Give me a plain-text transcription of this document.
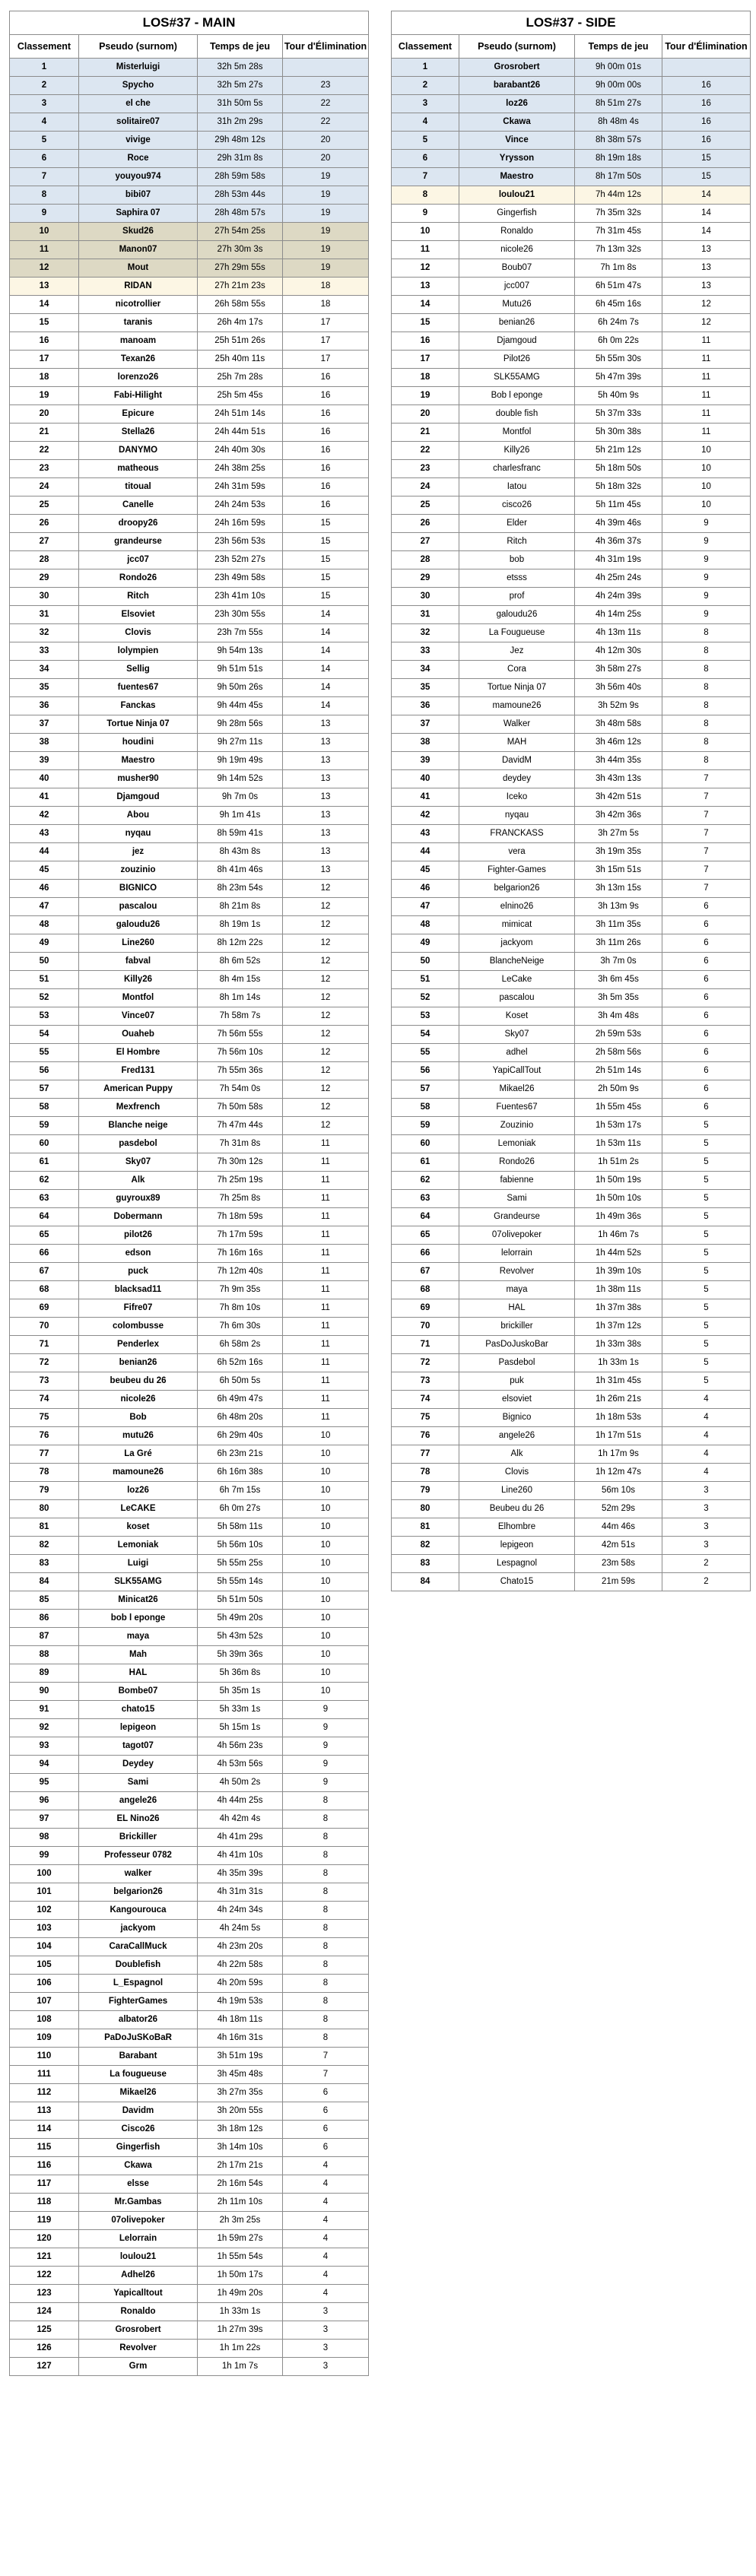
LOS#37 - MAIN			
Classement	Pseudo (surnom)	Temps de jeu	Tour d'Élimination
1	Misterluigi	32h 5m 28s	
2	Spycho	32h 5m 27s	23
3	el che	31h 50m 5s	22
4	solitaire07	31h 2m 29s	22
5	vivige	29h 48m 12s	20
6	Roce	29h 31m 8s	20
7	youyou974	28h 59m 58s	19
8	bibi07	28h 53m 44s	19
9	Saphira 07	28h 48m 57s	19
10	Skud26	27h 54m 25s	19
11	Manon07	27h 30m 3s	19
12	Mout	27h 29m 55s	19
13	RIDAN	27h 21m 23s	18
14	nicotrollier	26h 58m 55s	18
15	taranis	26h 4m 17s	17
16	manoam	25h 51m 26s	17
17	Texan26	25h 40m 11s	17
18	lorenzo26	25h 7m 28s	16
19	Fabi-Hilight	25h 5m 45s	16
20	Epicure	24h 51m 14s	16
21	Stella26	24h 44m 51s	16
22	DANYMO	24h 40m 30s	16
23	matheous	24h 38m 25s	16
24	titoual	24h 31m 59s	16
25	Canelle	24h 24m 53s	16
26	droopy26	24h 16m 59s	15
27	grandeurse	23h 56m 53s	15
28	jcc07	23h 52m 27s	15
29	Rondo26	23h 49m 58s	15
30	Ritch	23h 41m 10s	15
31	Elsoviet	23h 30m 55s	14
32	Clovis	23h 7m 55s	14
33	lolympien	9h 54m 13s	14
34	Sellig	9h 51m 51s	14
35	fuentes67	9h 50m 26s	14
36	Fanckas	9h 44m 45s	14
37	Tortue Ninja 07	9h 28m 56s	13
38	houdini	9h 27m 11s	13
39	Maestro	9h 19m 49s	13
40	musher90	9h 14m 52s	13
41	Djamgoud	9h 7m 0s	13
42	Abou	9h 1m 41s	13
43	nyqau	8h 59m 41s	13
44	jez	8h 43m 8s	13
45	zouzinio	8h 41m 46s	13
46	BIGNICO	8h 23m 54s	12
47	pascalou	8h 21m 8s	12
48	galoudu26	8h 19m 1s	12
49	Line260	8h 12m 22s	12
50	fabval	8h 6m 52s	12
51	Killy26	8h 4m 15s	12
52	Montfol	8h 1m 14s	12
53	Vince07	7h 58m 7s	12
54	Ouaheb	7h 56m 55s	12
55	El Hombre	7h 56m 10s	12
56	Fred131	7h 55m 36s	12
57	American Puppy	7h 54m 0s	12
58	Mexfrench	7h 50m 58s	12
59	Blanche neige	7h 47m 44s	12
60	pasdebol	7h 31m 8s	11
61	Sky07	7h 30m 12s	11
62	Alk	7h 25m 19s	11
63	guyroux89	7h 25m 8s	11
64	Dobermann	7h 18m 59s	11
65	pilot26	7h 17m 59s	11
66	edson	7h 16m 16s	11
67	puck	7h 12m 40s	11
68	blacksad11	7h 9m 35s	11
69	Fifre07	7h 8m 10s	11
70	colombusse	7h 6m 30s	11
71	Penderlex	6h 58m 2s	11
72	benian26	6h 52m 16s	11
73	beubeu du 26	6h 50m 5s	11
74	nicole26	6h 49m 47s	11
75	Bob	6h 48m 20s	11
76	mutu26	6h 29m 40s	10
77	La Gré	6h 23m 21s	10
78	mamoune26	6h 16m 38s	10
79	loz26	6h 7m 15s	10
80	LeCAKE	6h 0m 27s	10
81	koset	5h 58m 11s	10
82	Lemoniak	5h 56m 10s	10
83	Luigi	5h 55m 25s	10
84	SLK55AMG	5h 55m 14s	10
85	Minicat26	5h 51m 50s	10
86	bob l eponge	5h 49m 20s	10
87	maya	5h 43m 52s	10
88	Mah	5h 39m 36s	10
89	HAL	5h 36m 8s	10
90	Bombe07	5h 35m 1s	10
91	chato15	5h 33m 1s	9
92	lepigeon	5h 15m 1s	9
93	tagot07	4h 56m 23s	9
94	Deydey	4h 53m 56s	9
95	Sami	4h 50m 2s	9
96	angele26	4h 44m 25s	8
97	EL Nino26	4h 42m 4s	8
98	Brickiller	4h 41m 29s	8
99	Professeur 0782	4h 41m 10s	8
100	walker	4h 35m 39s	8
101	belgarion26	4h 31m 31s	8
102	Kangourouca	4h 24m 34s	8
103	jackyom	4h 24m 5s	8
104	CaraCallMuck	4h 23m 20s	8
105	Doublefish	4h 22m 58s	8
106	L_Espagnol	4h 20m 59s	8
107	FighterGames	4h 19m 53s	8
108	albator26	4h 18m 11s	8
109	PaDoJuSKoBaR	4h 16m 31s	8
110	Barabant	3h 51m 19s	7
111	La fougueuse	3h 45m 48s	7
112	Mikael26	3h 27m 35s	6
113	Davidm	3h 20m 55s	6
114	Cisco26	3h 18m 12s	6
115	Gingerfish	3h 14m 10s	6
116	Ckawa	2h 17m 21s	4
117	elsse	2h 16m 54s	4
118	Mr.Gambas	2h 11m 10s	4
119	07olivepoker	2h 3m 25s	4
120	Lelorrain	1h 59m 27s	4
121	loulou21	1h 55m 54s	4
122	Adhel26	1h 50m 17s	4
123	Yapicalltout	1h 49m 20s	4
124	Ronaldo	1h 33m 1s	3
125	Grosrobert	1h 27m 39s	3
126	Revolver	1h 1m 22s	3
127	Grm	1h 1m 7s	3
LOS#37 - SIDE			
Classement	Pseudo (surnom)	Temps de jeu	Tour d'Élimination
1	Grosrobert	9h 00m 01s	
2	barabant26	9h 00m 00s	16
3	loz26	8h 51m 27s	16
4	Ckawa	8h 48m 4s	16
5	Vince	8h 38m 57s	16
6	Yrysson	8h 19m 18s	15
7	Maestro	8h 17m 50s	15
8	loulou21	7h 44m 12s	14
9	Gingerfish	7h 35m 32s	14
10	Ronaldo	7h 31m 45s	14
11	nicole26	7h 13m 32s	13
12	Boub07	7h 1m 8s	13
13	jcc007	6h 51m 47s	13
14	Mutu26	6h 45m 16s	12
15	benian26	6h 24m 7s	12
16	Djamgoud	6h 0m 22s	11
17	Pilot26	5h 55m 30s	11
18	SLK55AMG	5h 47m 39s	11
19	Bob l eponge	5h 40m 9s	11
20	double fish	5h 37m 33s	11
21	Montfol	5h 30m 38s	11
22	Killy26	5h 21m 12s	10
23	charlesfranc	5h 18m 50s	10
24	Iatou	5h 18m 32s	10
25	cisco26	5h 11m 45s	10
26	Elder	4h 39m 46s	9
27	Ritch	4h 36m 37s	9
28	bob	4h 31m 19s	9
29	etsss	4h 25m 24s	9
30	prof	4h 24m 39s	9
31	galoudu26	4h 14m 25s	9
32	La Fougueuse	4h 13m 11s	8
33	Jez	4h 12m 30s	8
34	Cora	3h 58m 27s	8
35	Tortue Ninja 07	3h 56m 40s	8
36	mamoune26	3h 52m 9s	8
37	Walker	3h 48m 58s	8
38	MAH	3h 46m 12s	8
39	DavidM	3h 44m 35s	8
40	deydey	3h 43m 13s	7
41	Iceko	3h 42m 51s	7
42	nyqau	3h 42m 36s	7
43	FRANCKASS	3h 27m 5s	7
44	vera	3h 19m 35s	7
45	Fighter-Games	3h 15m 51s	7
46	belgarion26	3h 13m 15s	7
47	elnino26	3h 13m 9s	6
48	mimicat	3h 11m 35s	6
49	jackyom	3h 11m 26s	6
50	BlancheNeige	3h 7m 0s	6
51	LeCake	3h 6m 45s	6
52	pascalou	3h 5m 35s	6
53	Koset	3h 4m 48s	6
54	Sky07	2h 59m 53s	6
55	adhel	2h 58m 56s	6
56	YapiCallTout	2h 51m 14s	6
57	Mikael26	2h 50m 9s	6
58	Fuentes67	1h 55m 45s	6
59	Zouzinio	1h 53m 17s	5
60	Lemoniak	1h 53m 11s	5
61	Rondo26	1h 51m 2s	5
62	fabienne	1h 50m 19s	5
63	Sami	1h 50m 10s	5
64	Grandeurse	1h 49m 36s	5
65	07olivepoker	1h 46m 7s	5
66	lelorrain	1h 44m 52s	5
67	Revolver	1h 39m 10s	5
68	maya	1h 38m 11s	5
69	HAL	1h 37m 38s	5
70	brickiller	1h 37m 12s	5
71	PasDoJuskoBar	1h 33m 38s	5
72	Pasdebol	1h 33m 1s	5
73	puk	1h 31m 45s	5
74	elsoviet	1h 26m 21s	4
75	Bignico	1h 18m 53s	4
76	angele26	1h 17m 51s	4
77	Alk	1h 17m 9s	4
78	Clovis	1h 12m 47s	4
79	Line260	56m 10s	3
80	Beubeu du 26	52m 29s	3
81	Elhombre	44m 46s	3
82	lepigeon	42m 51s	3
83	Lespagnol	23m 58s	2
84	Chato15	21m 59s	2
